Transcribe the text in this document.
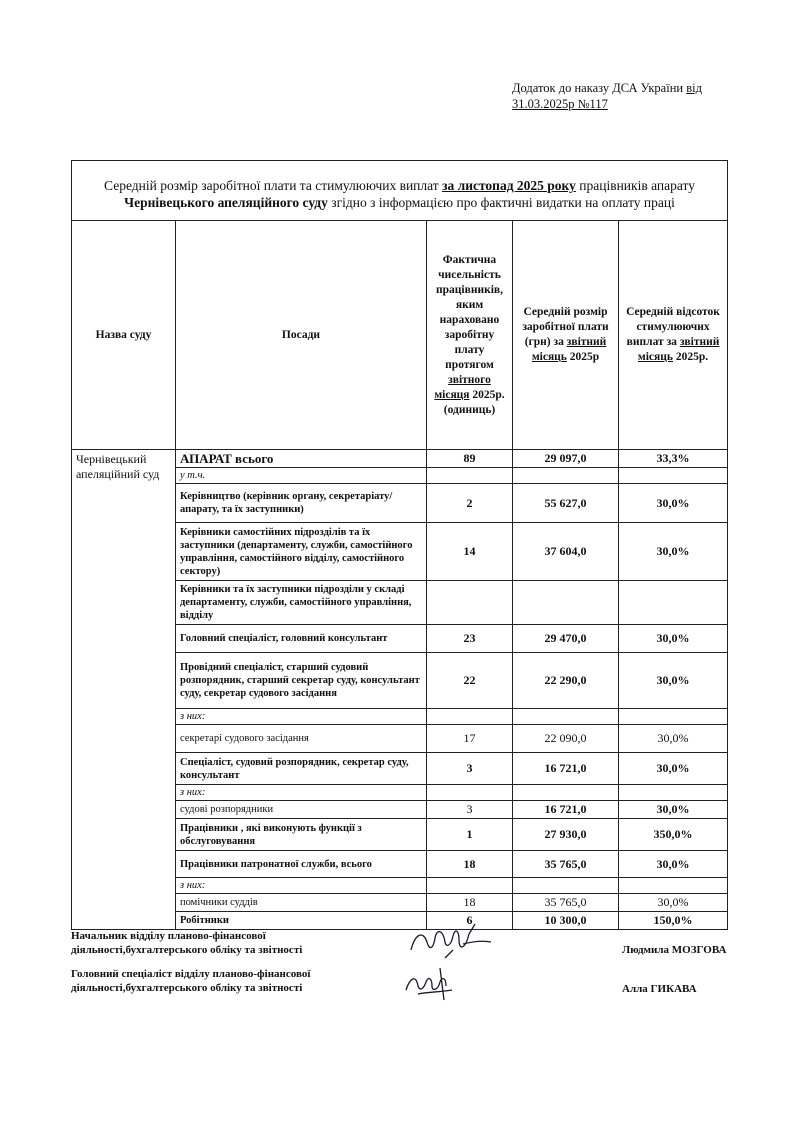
Додаток до наказу ДСА України від
31.03.2025р №117
Середній розмір заробітної плати та стимулюючих виплат за листопад 2025 року працівників апарату
Чернівецького апеляційного суду згідно з інформацією про фактичні видатки на оплату праці				
Назва суду	Посади	Фактична чисельність працівників, яким нараховано заробітну плату протягом звітного місяця 2025р. (одиниць)	Середній розмір заробітної плати (грн) за звітний місяць 2025р	Середній відсоток стимулюючих виплат за звітний місяць 2025р.
Чернівецький апеляційний суд	АПАРАТ всього	89	29 097,0	33,3%
	у т.ч.			
	Керівництво (керівник органу, секретаріату/апарату, та їх заступники)	2	55 627,0	30,0%
	Керівники самостійних підрозділів та їх заступники (департаменту, служби, самостійного управління, самостійного відділу, самостійного сектору)	14	37 604,0	30,0%
	Керівники та їх заступники підрозділи у складі департаменту, служби, самостійного управління, відділу			
	Головний спеціаліст, головний консультант	23	29 470,0	30,0%
	Провідний спеціаліст, старший судовий розпорядник, старший секретар суду, консультант суду, секретар судового засідання	22	22 290,0	30,0%
	з них:			
	секретарі судового засідання	17	22 090,0	30,0%
	Спеціаліст, судовий розпорядник, секретар суду, консультант	3	16 721,0	30,0%
	з них:			
	судові розпорядники	3	16 721,0	30,0%
	Працівники , які виконують функції з обслуговування	1	27 930,0	350,0%
	Працівники патронатної служби, всього	18	35 765,0	30,0%
	з них:			
	помічники суддів	18	35 765,0	30,0%
	Робітники	6	10 300,0	150,0%
Начальник відділу планово-фінансової діяльності,бухгалтерського обліку та звітності	Людмила МОЗГОВА
Головний спеціаліст відділу планово-фінансової діяльності,бухгалтерського обліку та звітності	Алла ГИКАВА
